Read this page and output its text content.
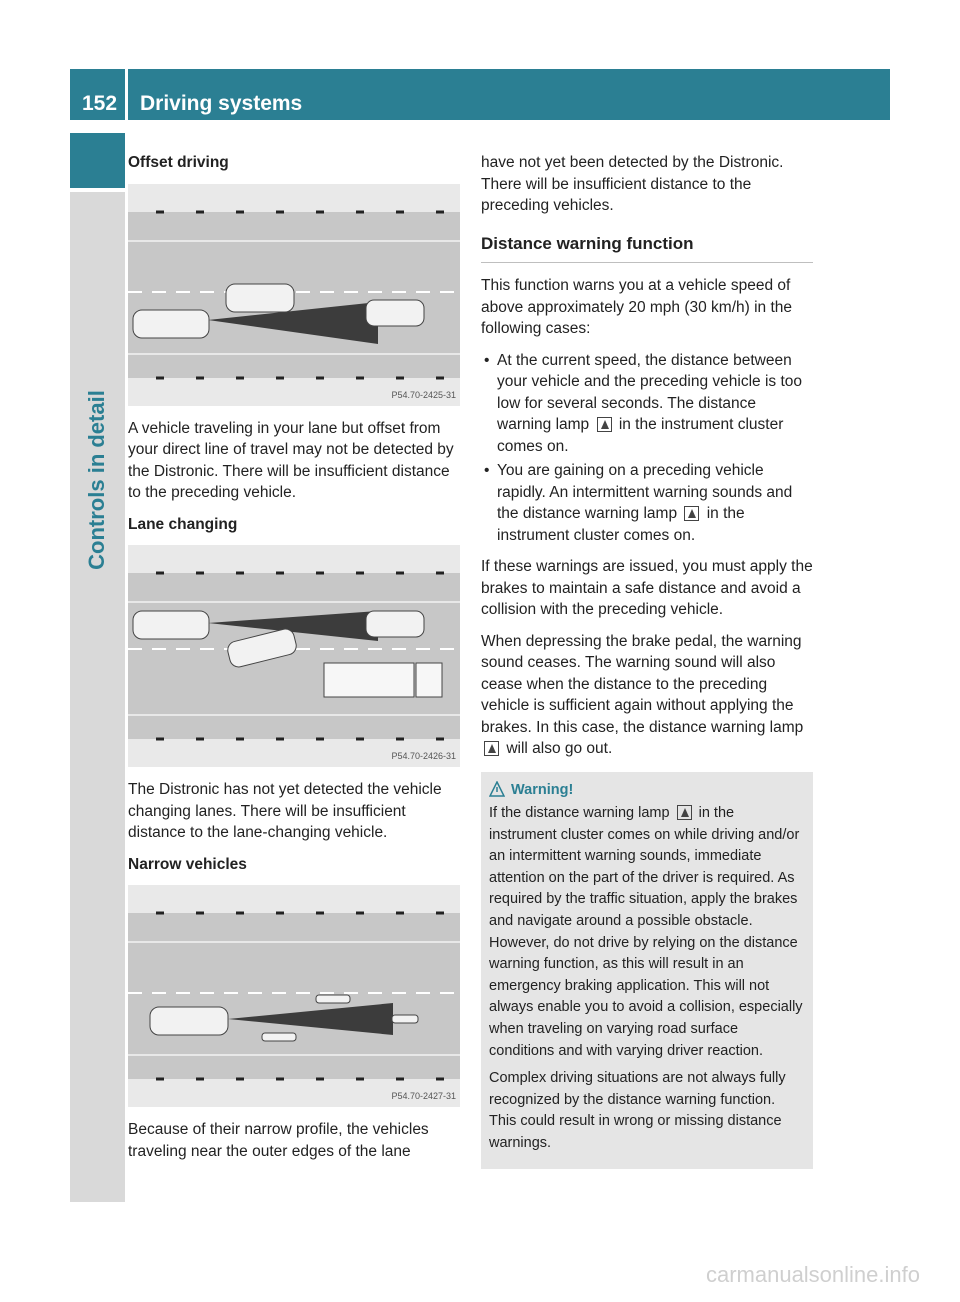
152	Driving systems
Controls in detail
Offset driving
P54.70-2425-31

A vehicle traveling in your lane but offset from your direct line of travel may not be detected by the Distronic. There will be insufficient distance to the preceding vehicle.

Lane changing
P54.70-2426-31

The Distronic has not yet detected the vehicle changing lanes. There will be insufficient distance to the lane-changing vehicle.

Narrow vehicles
P54.70-2427-31

Because of their narrow profile, the vehicles traveling near the outer edges of the lane

have not yet been detected by the Distronic. There will be insufficient distance to the preceding vehicles.

Distance warning function

This function warns you at a vehicle speed of above approximately 20 mph (30 km/h) in the following cases:

• At the current speed, the distance between your vehicle and the preceding vehicle is too low for several seconds. The distance warning lamp in the instrument cluster comes on.
• You are gaining on a preceding vehicle rapidly. An intermittent warning sounds and the distance warning lamp in the instrument cluster comes on.

If these warnings are issued, you must apply the brakes to maintain a safe distance and avoid a collision with the preceding vehicle.

When depressing the brake pedal, the warning sound ceases. The warning sound will also cease when the distance to the preceding vehicle is sufficient again without applying the brakes. In this case, the distance warning lamp  will also go out.

Warning!

If the distance warning lamp in the instrument cluster comes on while driving and/or an intermittent warning sounds, immediate attention on the part of the driver is required. As required by the traffic situation, apply the brakes and navigate around a possible obstacle. However, do not drive by relying on the distance warning function, as this will result in an emergency braking application. This will not always enable you to avoid a collision, especially when traveling on varying road surface conditions and with varying driver reaction.

Complex driving situations are not always fully recognized by the distance warning function. This could result in wrong or missing distance warnings.

carmanualsonline.info
